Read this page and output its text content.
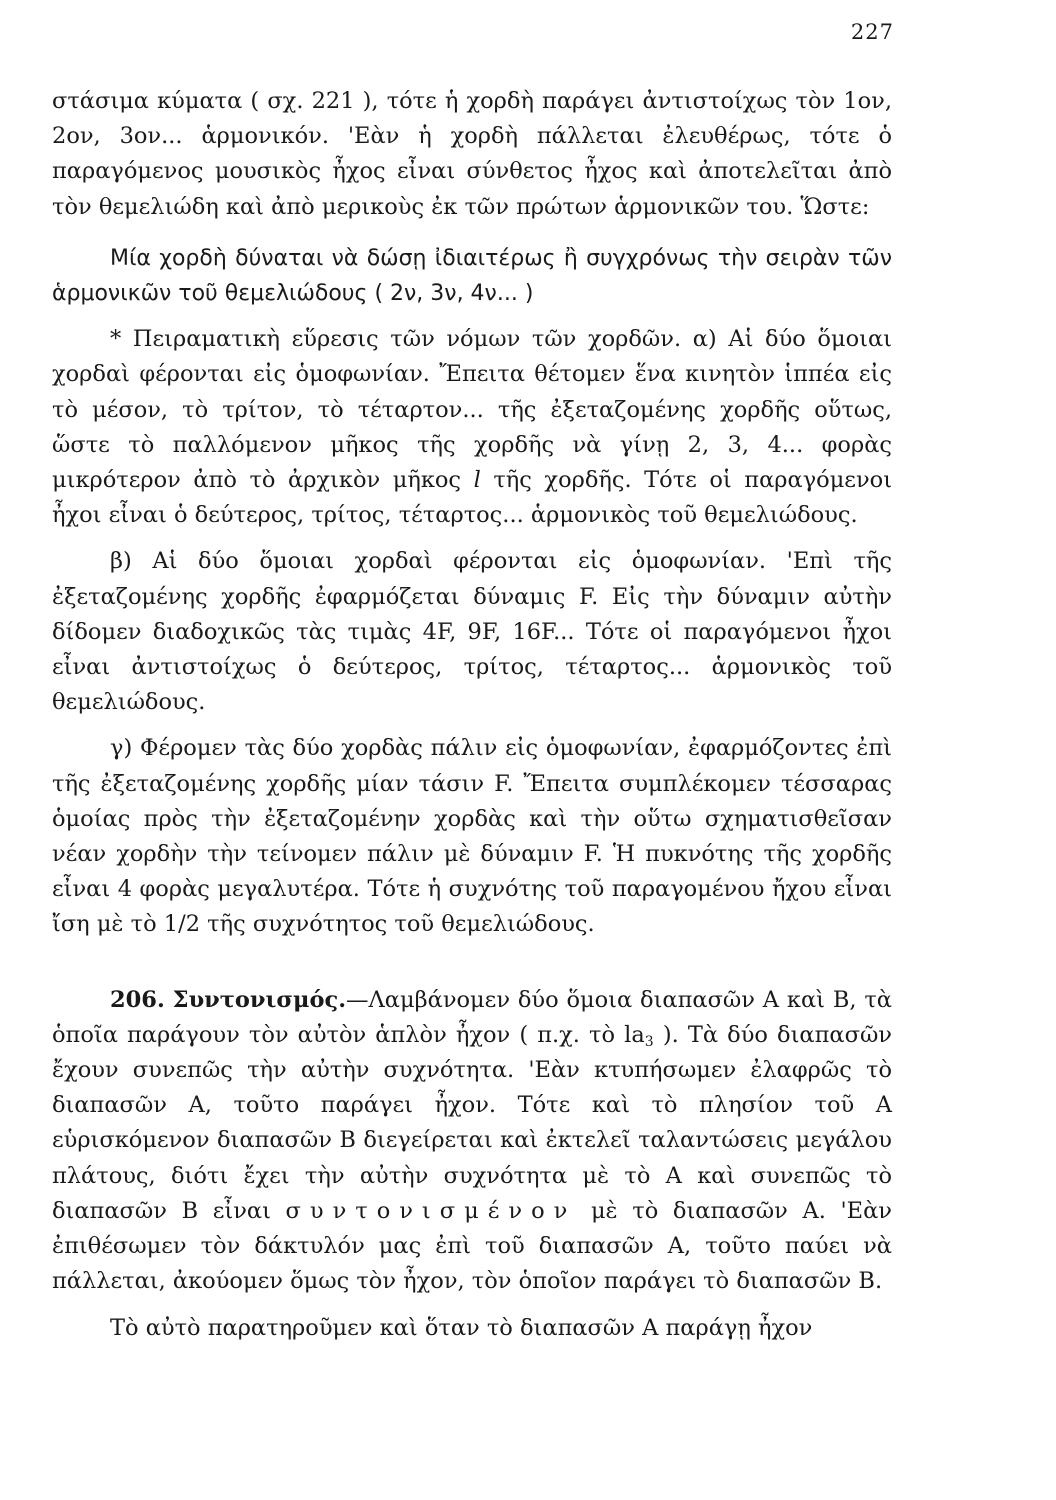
227

στάσιμα κύματα ( σχ. 221 ), τότε ἡ χορδὴ παράγει ἀντιστοίχως τὸν 1ον, 2ον, 3ον... ἁρμονικόν. 'Εὰν ἡ χορδὴ πάλλεται ἐλευθέρως, τότε ὁ παραγόμενος μουσικὸς ἦχος εἶναι σύνθετος ἦχος καὶ ἀποτελεῖται ἀπὸ τὸν θεμελιώδη καὶ ἀπὸ μερικοὺς ἐκ τῶν πρώτων ἁρμονικῶν του. Ὥστε:

Μία χορδὴ δύναται νὰ δώσῃ ἰδιαιτέρως ἢ συγχρόνως τὴν σειρὰν τῶν ἁρμονικῶν τοῦ θεμελιώδους ( 2ν, 3ν, 4ν... )

* Πειραματικὴ εὕρεσις τῶν νόμων τῶν χορδῶν. α) Αἱ δύο ὅμοιαι χορδαὶ φέρονται εἰς ὁμοφωνίαν. Ἔπειτα θέτομεν ἕνα κινητὸν ἱππέα εἰς τὸ μέσον, τὸ τρίτον, τὸ τέταρτον... τῆς ἐξεταζομένης χορδῆς οὕτως, ὥστε τὸ παλλόμενον μῆκος τῆς χορδῆς νὰ γίνῃ 2, 3, 4... φορὰς μικρότερον ἀπὸ τὸ ἀρχικὸν μῆκος l τῆς χορδῆς. Τότε οἱ παραγόμενοι ἦχοι εἶναι ὁ δεύτερος, τρίτος, τέταρτος... ἁρμονικὸς τοῦ θεμελιώδους.

β) Αἱ δύο ὅμοιαι χορδαὶ φέρονται εἰς ὁμοφωνίαν. 'Επὶ τῆς ἐξεταζομένης χορδῆς ἐφαρμόζεται δύναμις F. Εἰς τὴν δύναμιν αὐτὴν δίδομεν διαδοχικῶς τὰς τιμὰς 4F, 9F, 16F... Τότε οἱ παραγόμενοι ἦχοι εἶναι ἀντιστοίχως ὁ δεύτερος, τρίτος, τέταρτος... ἁρμονικὸς τοῦ θεμελιώδους.

γ) Φέρομεν τὰς δύο χορδὰς πάλιν εἰς ὁμοφωνίαν, ἐφαρμόζοντες ἐπὶ τῆς ἐξεταζομένης χορδῆς μίαν τάσιν F. Ἔπειτα συμπλέκομεν τέσσαρας ὁμοίας πρὸς τὴν ἐξεταζομένην χορδὰς καὶ τὴν οὕτω σχηματισθεῖσαν νέαν χορδὴν τὴν τείνομεν πάλιν μὲ δύναμιν F. Ἡ πυκνότης τῆς χορδῆς εἶναι 4 φορὰς μεγαλυτέρα. Τότε ἡ συχνότης τοῦ παραγομένου ἤχου εἶναι ἴση μὲ τὸ 1/2 τῆς συχνότητος τοῦ θεμελιώδους.

206. Συντονισμός.—Λαμβάνομεν δύο ὅμοια διαπασῶν Α καὶ Β, τὰ ὁποῖα παράγουν τὸν αὐτὸν ἁπλὸν ἦχον ( π.χ. τὸ $la_3$ ). Τὰ δύο διαπασῶν ἔχουν συνεπῶς τὴν αὐτὴν συχνότητα. 'Εὰν κτυπήσωμεν ἐλαφρῶς τὸ διαπασῶν Α, τοῦτο παράγει ἦχον. Τότε καὶ τὸ πλησίον τοῦ Α εὑρισκόμενον διαπασῶν Β διεγείρεται καὶ ἐκτελεῖ ταλαντώσεις μεγάλου πλάτους, διότι ἔχει τὴν αὐτὴν συχνότητα μὲ τὸ Α καὶ συνεπῶς τὸ διαπασῶν Β εἶναι συντονισμένον μὲ τὸ διαπασῶν Α. 'Εὰν ἐπιθέσωμεν τὸν δάκτυλόν μας ἐπὶ τοῦ διαπασῶν Α, τοῦτο παύει νὰ πάλλεται, ἀκούομεν ὅμως τὸν ἦχον, τὸν ὁποῖον παράγει τὸ διαπασῶν Β.

Τὸ αὐτὸ παρατηροῦμεν καὶ ὅταν τὸ διαπασῶν Α παράγῃ ἦχον
